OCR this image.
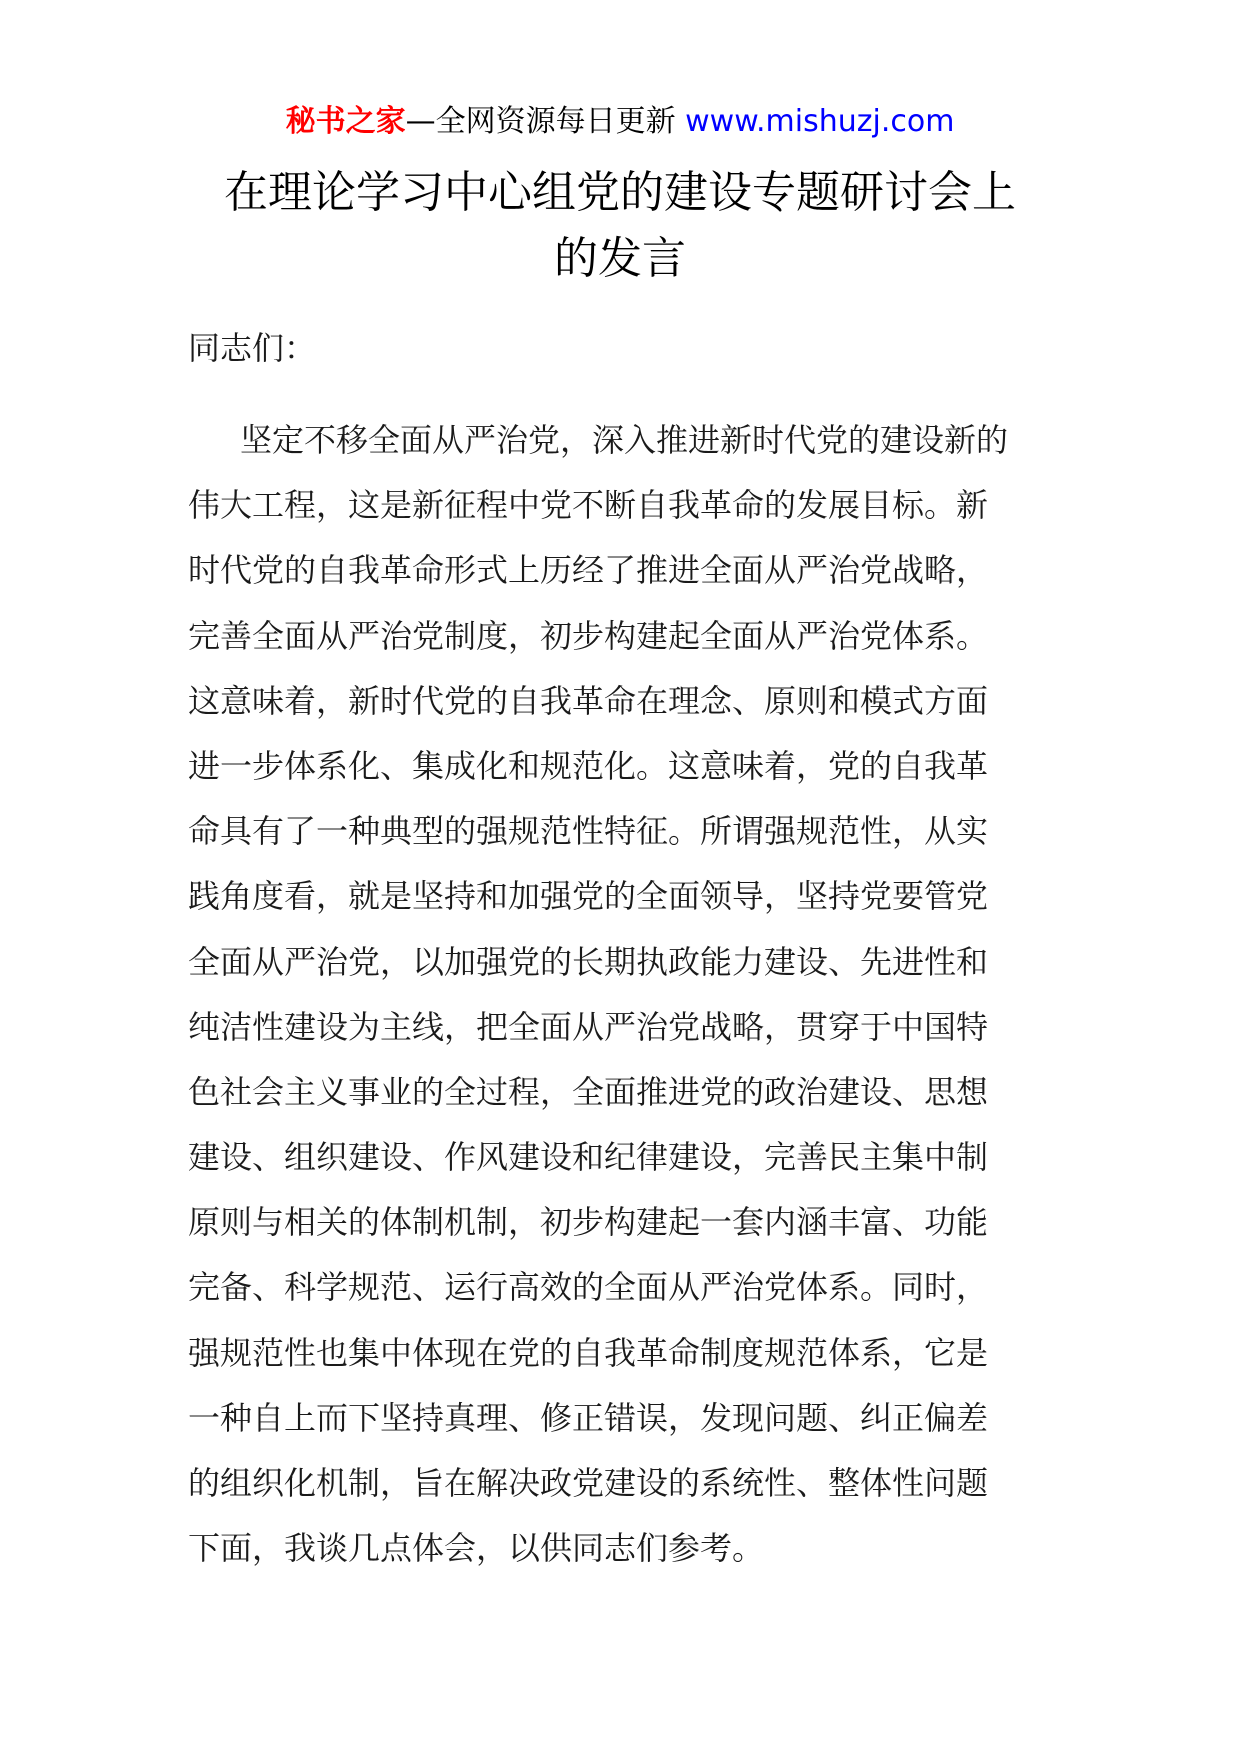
秘书之家—全网资源每日更新 www.mishuzj.com
在理论学习中心组党的建设专题研讨会上
的发言
同志们：
坚定不移全面从严治党，深入推进新时代党的建设新的
伟大工程，这是新征程中党不断自我革命的发展目标。新
时代党的自我革命形式上历经了推进全面从严治党战略，
完善全面从严治党制度，初步构建起全面从严治党体系。
这意味着，新时代党的自我革命在理念、原则和模式方面
进一步体系化、集成化和规范化。这意味着，党的自我革
命具有了一种典型的强规范性特征。所谓强规范性，从实
践角度看，就是坚持和加强党的全面领导，坚持党要管党
全面从严治党，以加强党的长期执政能力建设、先进性和
纯洁性建设为主线，把全面从严治党战略，贯穿于中国特
色社会主义事业的全过程，全面推进党的政治建设、思想
建设、组织建设、作风建设和纪律建设，完善民主集中制
原则与相关的体制机制，初步构建起一套内涵丰富、功能
完备、科学规范、运行高效的全面从严治党体系。同时，
强规范性也集中体现在党的自我革命制度规范体系，它是
一种自上而下坚持真理、修正错误，发现问题、纠正偏差
的组织化机制，旨在解决政党建设的系统性、整体性问题
下面，我谈几点体会，以供同志们参考。
